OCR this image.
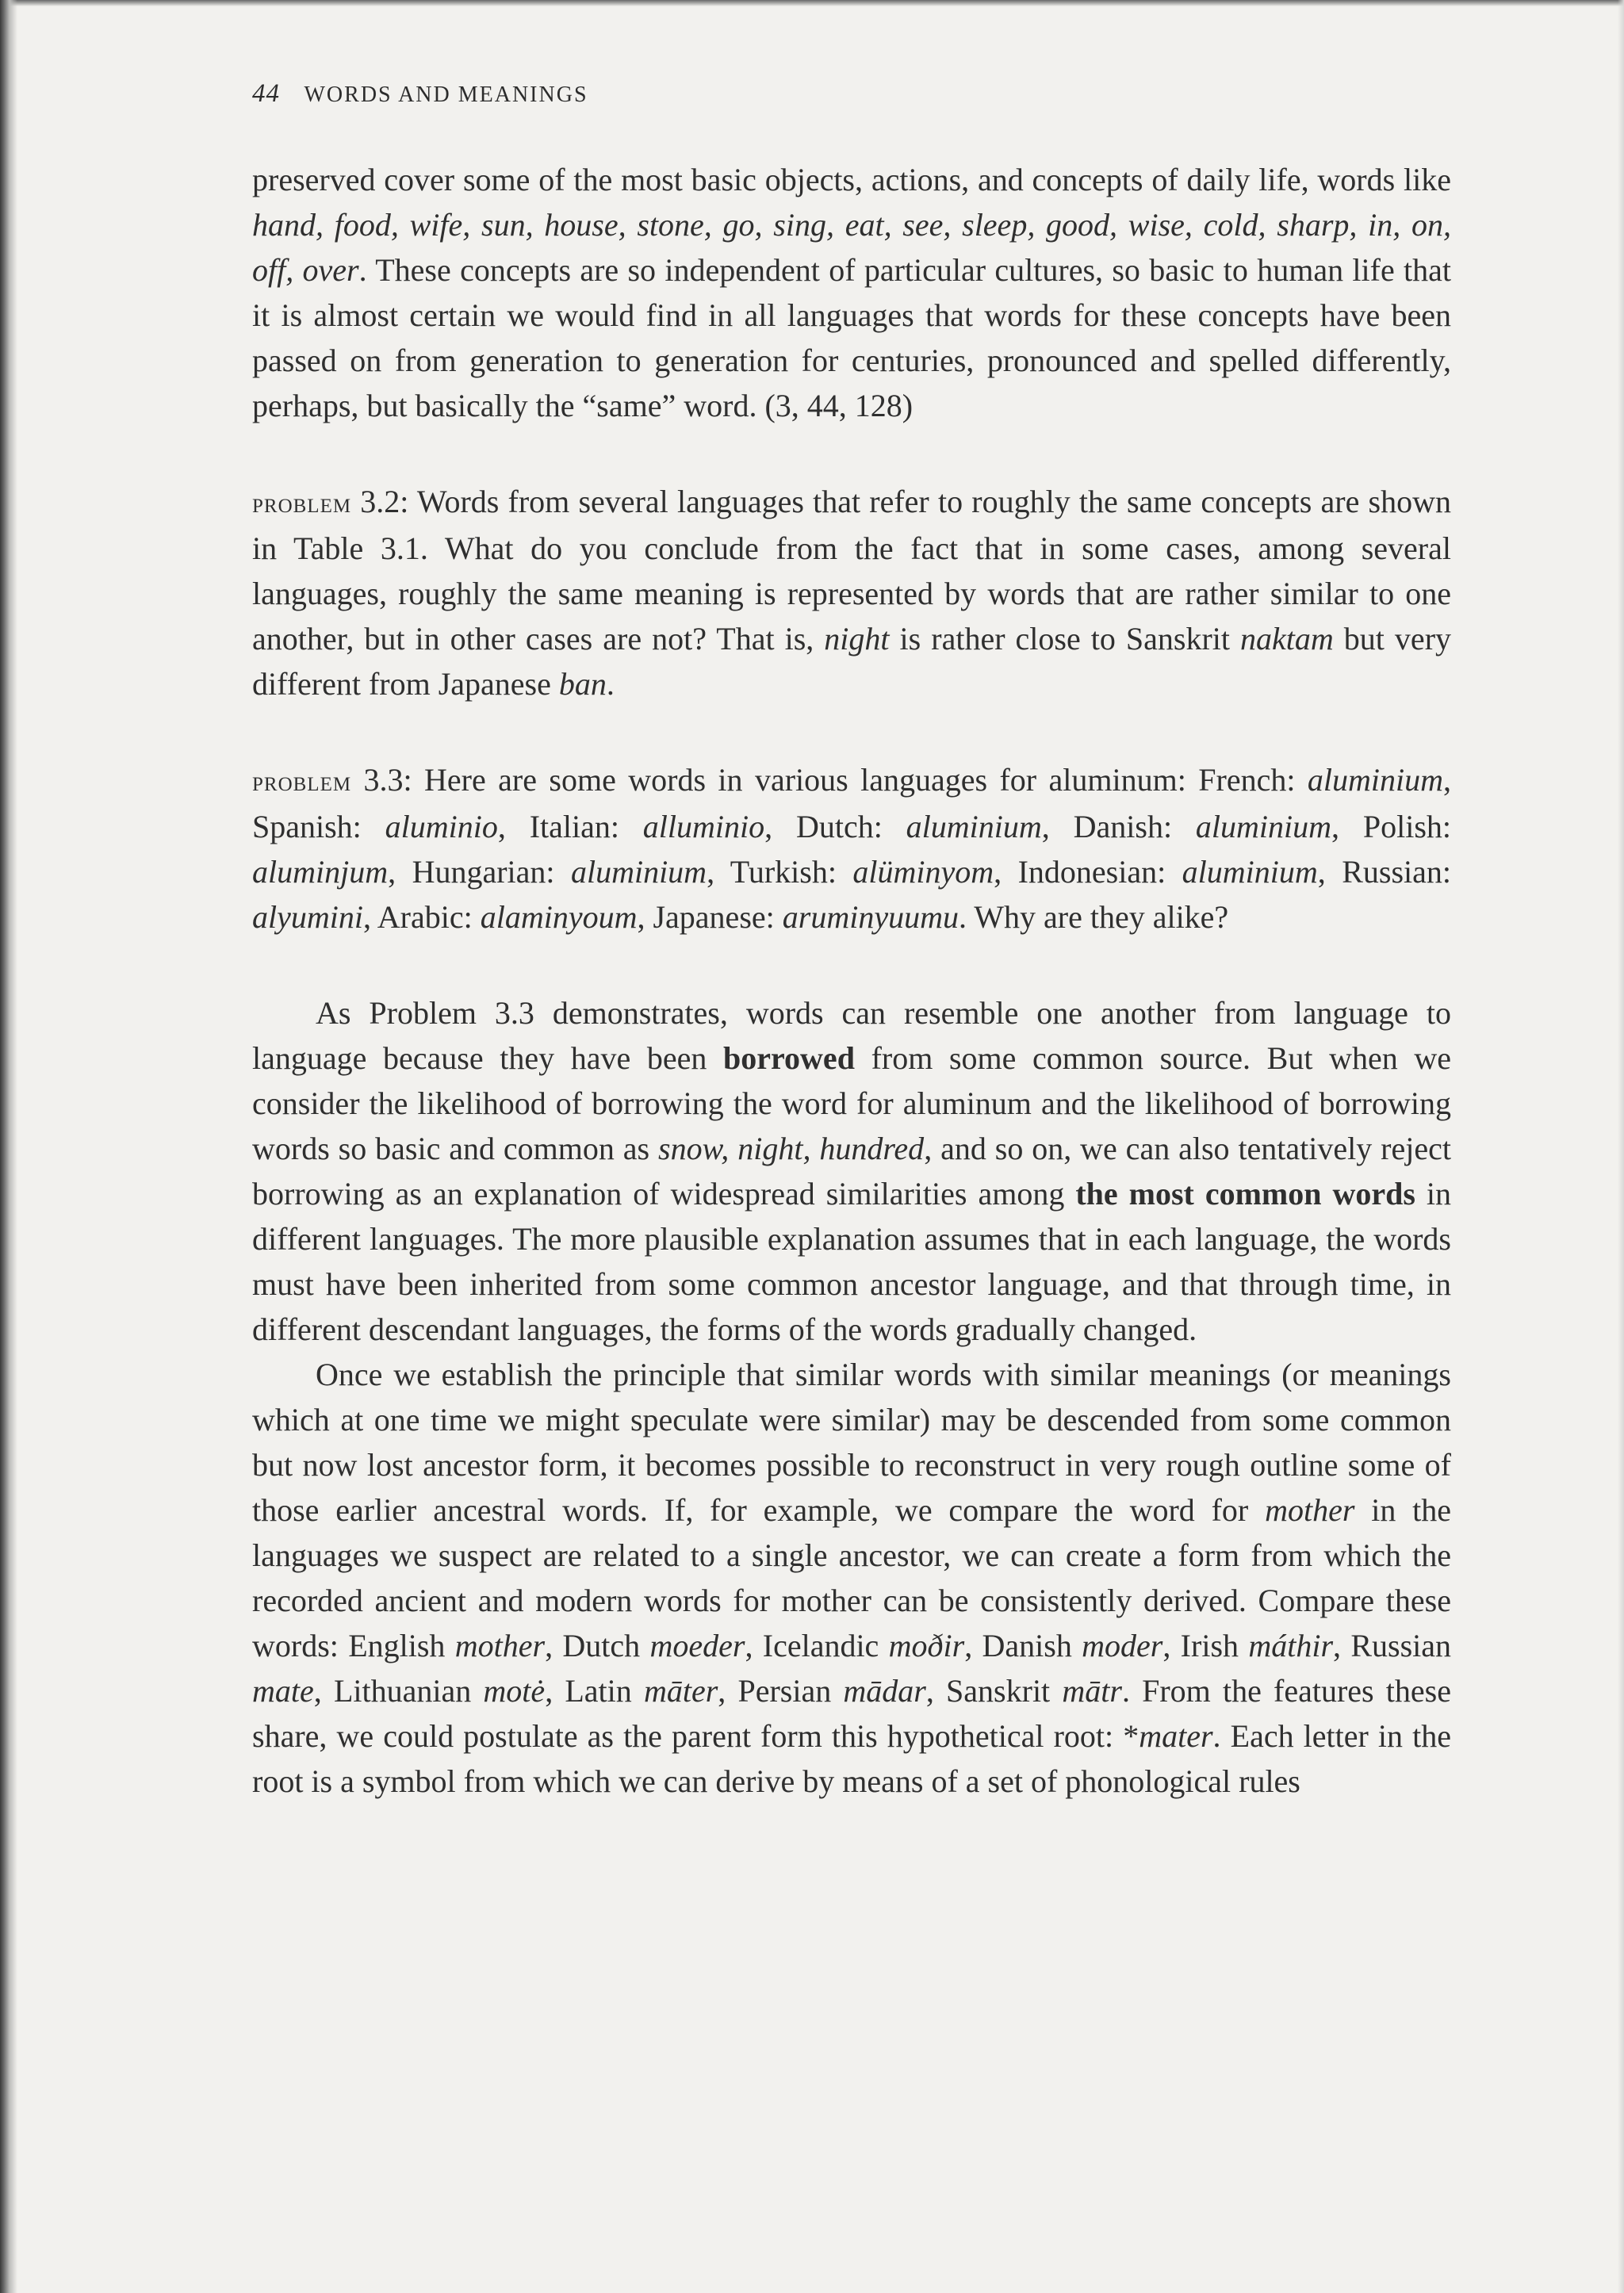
44 WORDS AND MEANINGS

preserved cover some of the most basic objects, actions, and concepts of daily life, words like hand, food, wife, sun, house, stone, go, sing, eat, see, sleep, good, wise, cold, sharp, in, on, off, over. These concepts are so independent of particular cultures, so basic to human life that it is almost certain we would find in all languages that words for these concepts have been passed on from generation to generation for centuries, pronounced and spelled differently, perhaps, but basically the “same” word. (3, 44, 128)

problem 3.2: Words from several languages that refer to roughly the same concepts are shown in Table 3.1. What do you conclude from the fact that in some cases, among several languages, roughly the same meaning is represented by words that are rather similar to one another, but in other cases are not? That is, night is rather close to Sanskrit naktam but very different from Japanese ban.

problem 3.3: Here are some words in various languages for aluminum: French: aluminium, Spanish: aluminio, Italian: alluminio, Dutch: aluminium, Danish: aluminium, Polish: aluminjum, Hungarian: aluminium, Turkish: alüminyom, Indonesian: aluminium, Russian: alyumini, Arabic: alaminyoum, Japanese: aruminyuumu. Why are they alike?

As Problem 3.3 demonstrates, words can resemble one another from language to language because they have been borrowed from some common source. But when we consider the likelihood of borrowing the word for aluminum and the likelihood of borrowing words so basic and common as snow, night, hundred, and so on, we can also tentatively reject borrowing as an explanation of widespread similarities among the most common words in different languages. The more plausible explanation assumes that in each language, the words must have been inherited from some common ancestor language, and that through time, in different descendant languages, the forms of the words gradually changed.

Once we establish the principle that similar words with similar meanings (or meanings which at one time we might speculate were similar) may be descended from some common but now lost ancestor form, it becomes possible to reconstruct in very rough outline some of those earlier ancestral words. If, for example, we compare the word for mother in the languages we suspect are related to a single ancestor, we can create a form from which the recorded ancient and modern words for mother can be consistently derived. Compare these words: English mother, Dutch moeder, Icelandic moðir, Danish moder, Irish máthir, Russian mate, Lithuanian motė, Latin māter, Persian mādar, Sanskrit mātr. From the features these share, we could postulate as the parent form this hypothetical root: *mater. Each letter in the root is a symbol from which we can derive by means of a set of phonological rules
